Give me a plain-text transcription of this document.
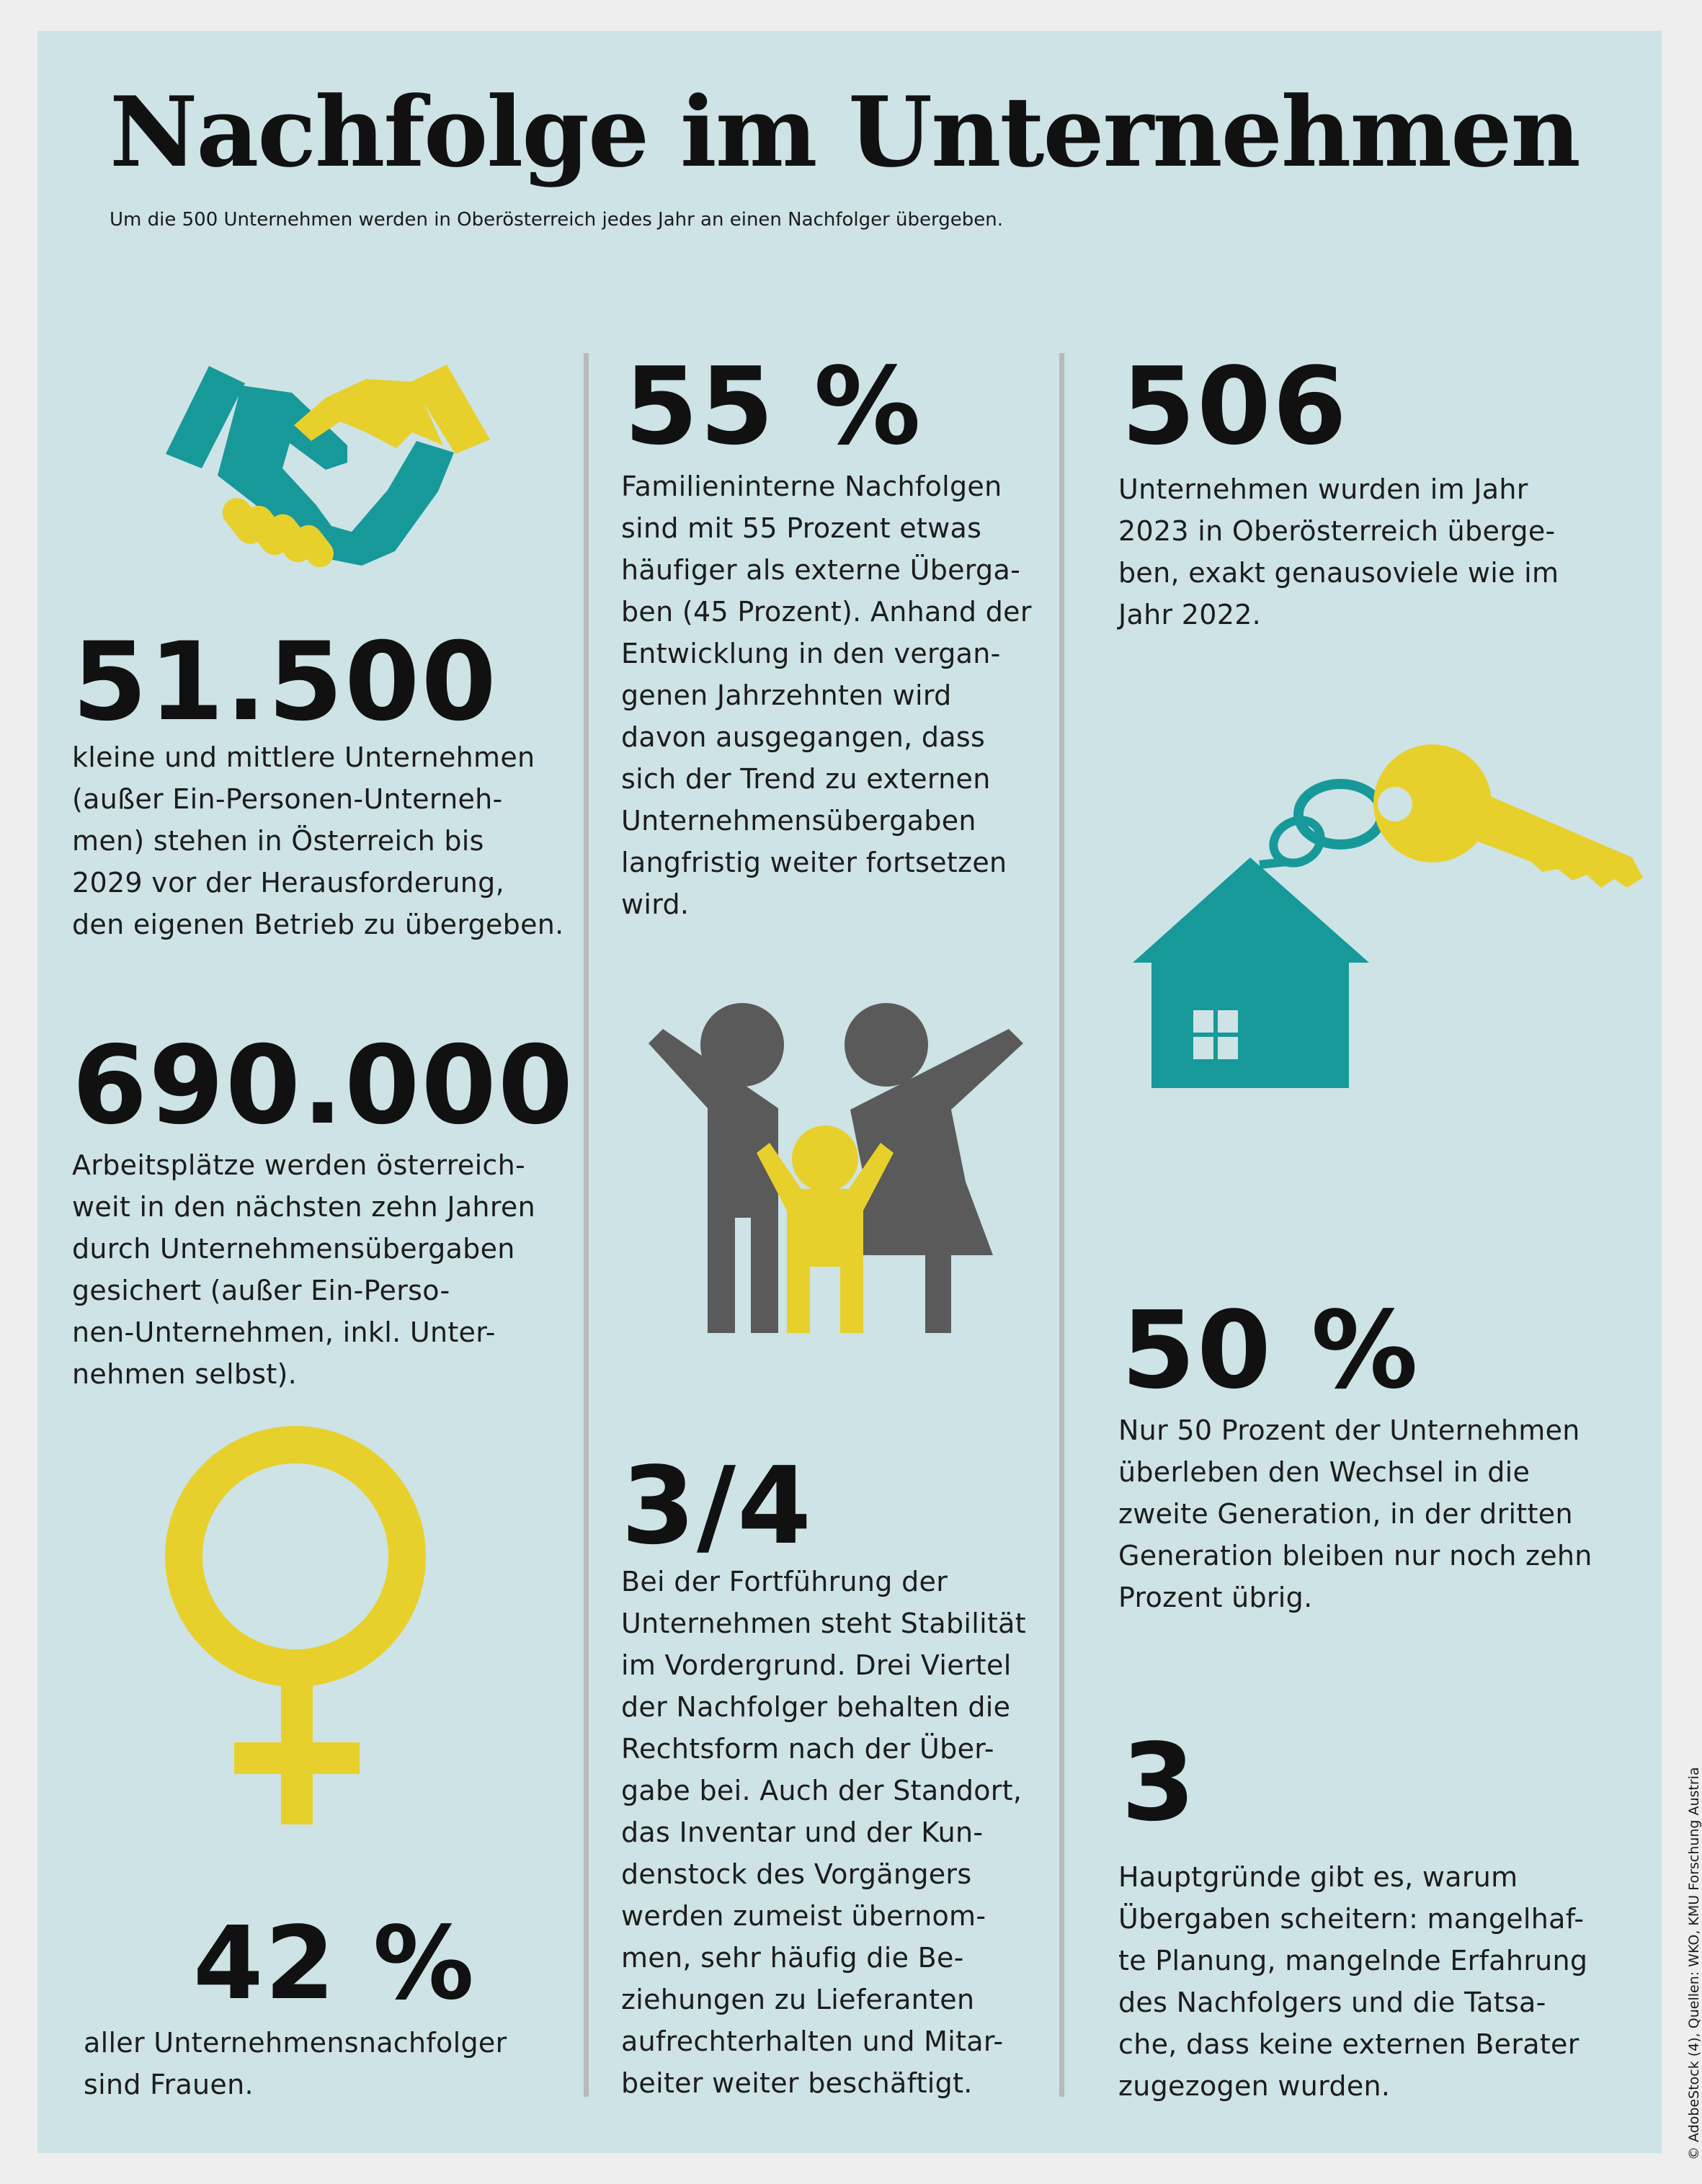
Nachfolge im Unternehmen
Um die 500 Unternehmen werden in Oberösterreich jedes Jahr an einen Nachfolger übergeben.
51.500
kleine und mittlere Unternehmen
(außer Ein-Personen-Unterneh-
men) stehen in Österreich bis
2029 vor der Herausforderung,
den eigenen Betrieb zu übergeben.
690.000
Arbeitsplätze werden österreich-
weit in den nächsten zehn Jahren
durch Unternehmensübergaben
gesichert (außer Ein-Perso-
nen-Unternehmen, inkl. Unter-
nehmen selbst).
42 %
aller Unternehmensnachfolger
sind Frauen.
55 %
Familieninterne Nachfolgen
sind mit 55 Prozent etwas
häufiger als externe Überga-
ben (45 Prozent). Anhand der
Entwicklung in den vergan-
genen Jahrzehnten wird
davon ausgegangen, dass
sich der Trend zu externen
Unternehmensübergaben
langfristig weiter fortsetzen
wird.
3/4
Bei der Fortführung der
Unternehmen steht Stabilität
im Vordergrund. Drei Viertel
der Nachfolger behalten die
Rechtsform nach der Über-
gabe bei. Auch der Standort,
das Inventar und der Kun-
denstock des Vorgängers
werden zumeist übernom-
men, sehr häufig die Be-
ziehungen zu Lieferanten
aufrechterhalten und Mitar-
beiter weiter beschäftigt.
506
Unternehmen wurden im Jahr
2023 in Oberösterreich überge-
ben, exakt genausoviele wie im
Jahr 2022.
50 %
Nur 50 Prozent der Unternehmen
überleben den Wechsel in die
zweite Generation, in der dritten
Generation bleiben nur noch zehn
Prozent übrig.
3
Hauptgründe gibt es, warum
Übergaben scheitern: mangelhaf-
te Planung, mangelnde Erfahrung
des Nachfolgers und die Tatsa-
che, dass keine externen Berater
zugezogen wurden.	© AdobeStock (4), Quellen: WKO, KMU Forschung Austria
